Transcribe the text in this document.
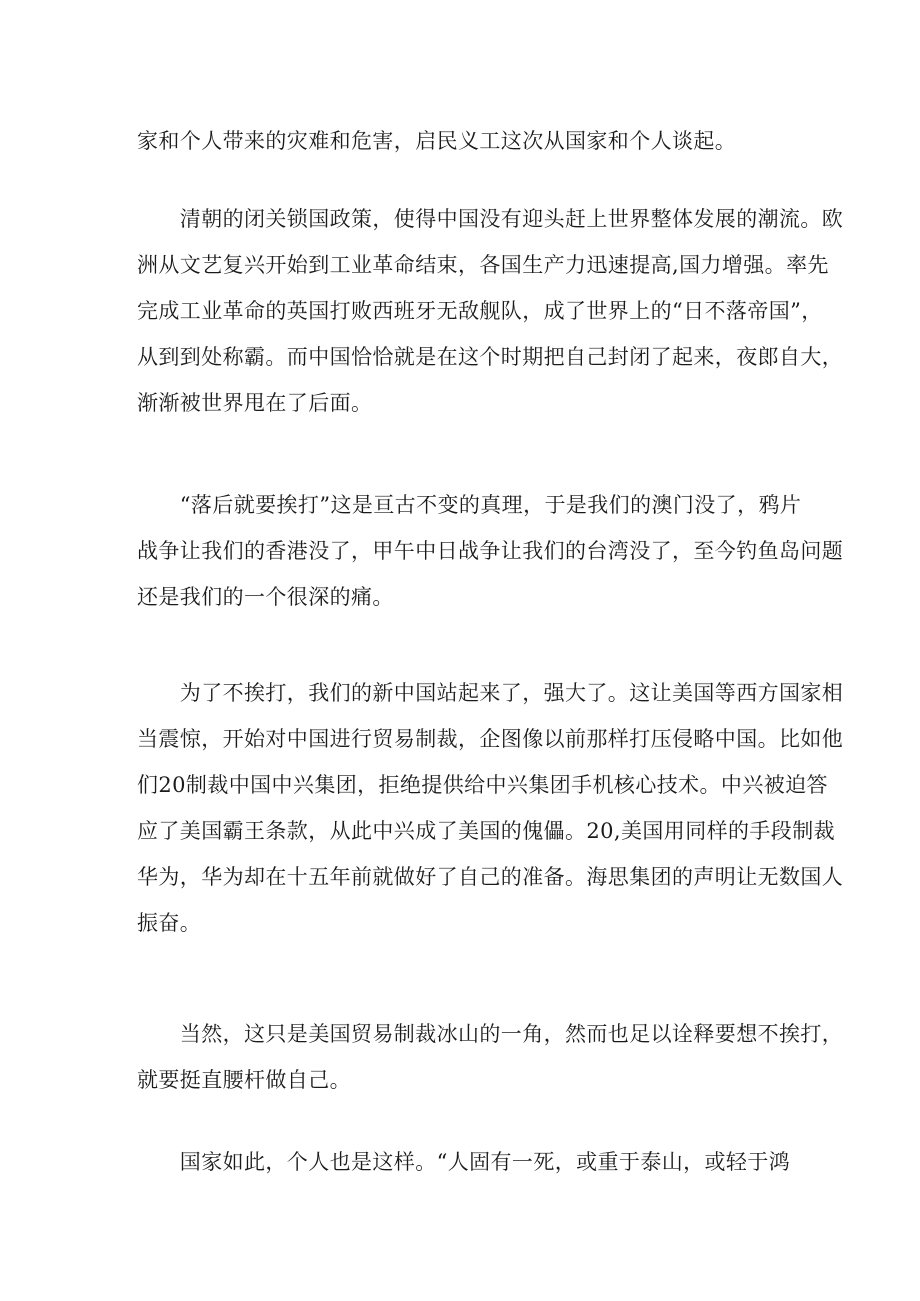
家和个人带来的灾难和危害，启民义工这次从国家和个人谈起。

　　清朝的闭关锁国政策，使得中国没有迎头赶上世界整体发展的潮流。欧
洲从文艺复兴开始到工业革命结束，各国生产力迅速提高,国力增强。率先
完成工业革命的英国打败西班牙无敌舰队，成了世界上的“日不落帝国”，
从到到处称霸。而中国恰恰就是在这个时期把自己封闭了起来，夜郎自大，
渐渐被世界甩在了后面。

　　“落后就要挨打”这是亘古不变的真理，于是我们的澳门没了，鸦片
战争让我们的香港没了，甲午中日战争让我们的台湾没了，至今钓鱼岛问题
还是我们的一个很深的痛。

　　为了不挨打，我们的新中国站起来了，强大了。这让美国等西方国家相
当震惊，开始对中国进行贸易制裁，企图像以前那样打压侵略中国。比如他
们20制裁中国中兴集团，拒绝提供给中兴集团手机核心技术。中兴被迫答
应了美国霸王条款，从此中兴成了美国的傀儡。20,美国用同样的手段制裁
华为，华为却在十五年前就做好了自己的准备。海思集团的声明让无数国人
振奋。

　　当然，这只是美国贸易制裁冰山的一角，然而也足以诠释要想不挨打，
就要挺直腰杆做自己。

　　国家如此，个人也是这样。“人固有一死，或重于泰山，或轻于鸿
